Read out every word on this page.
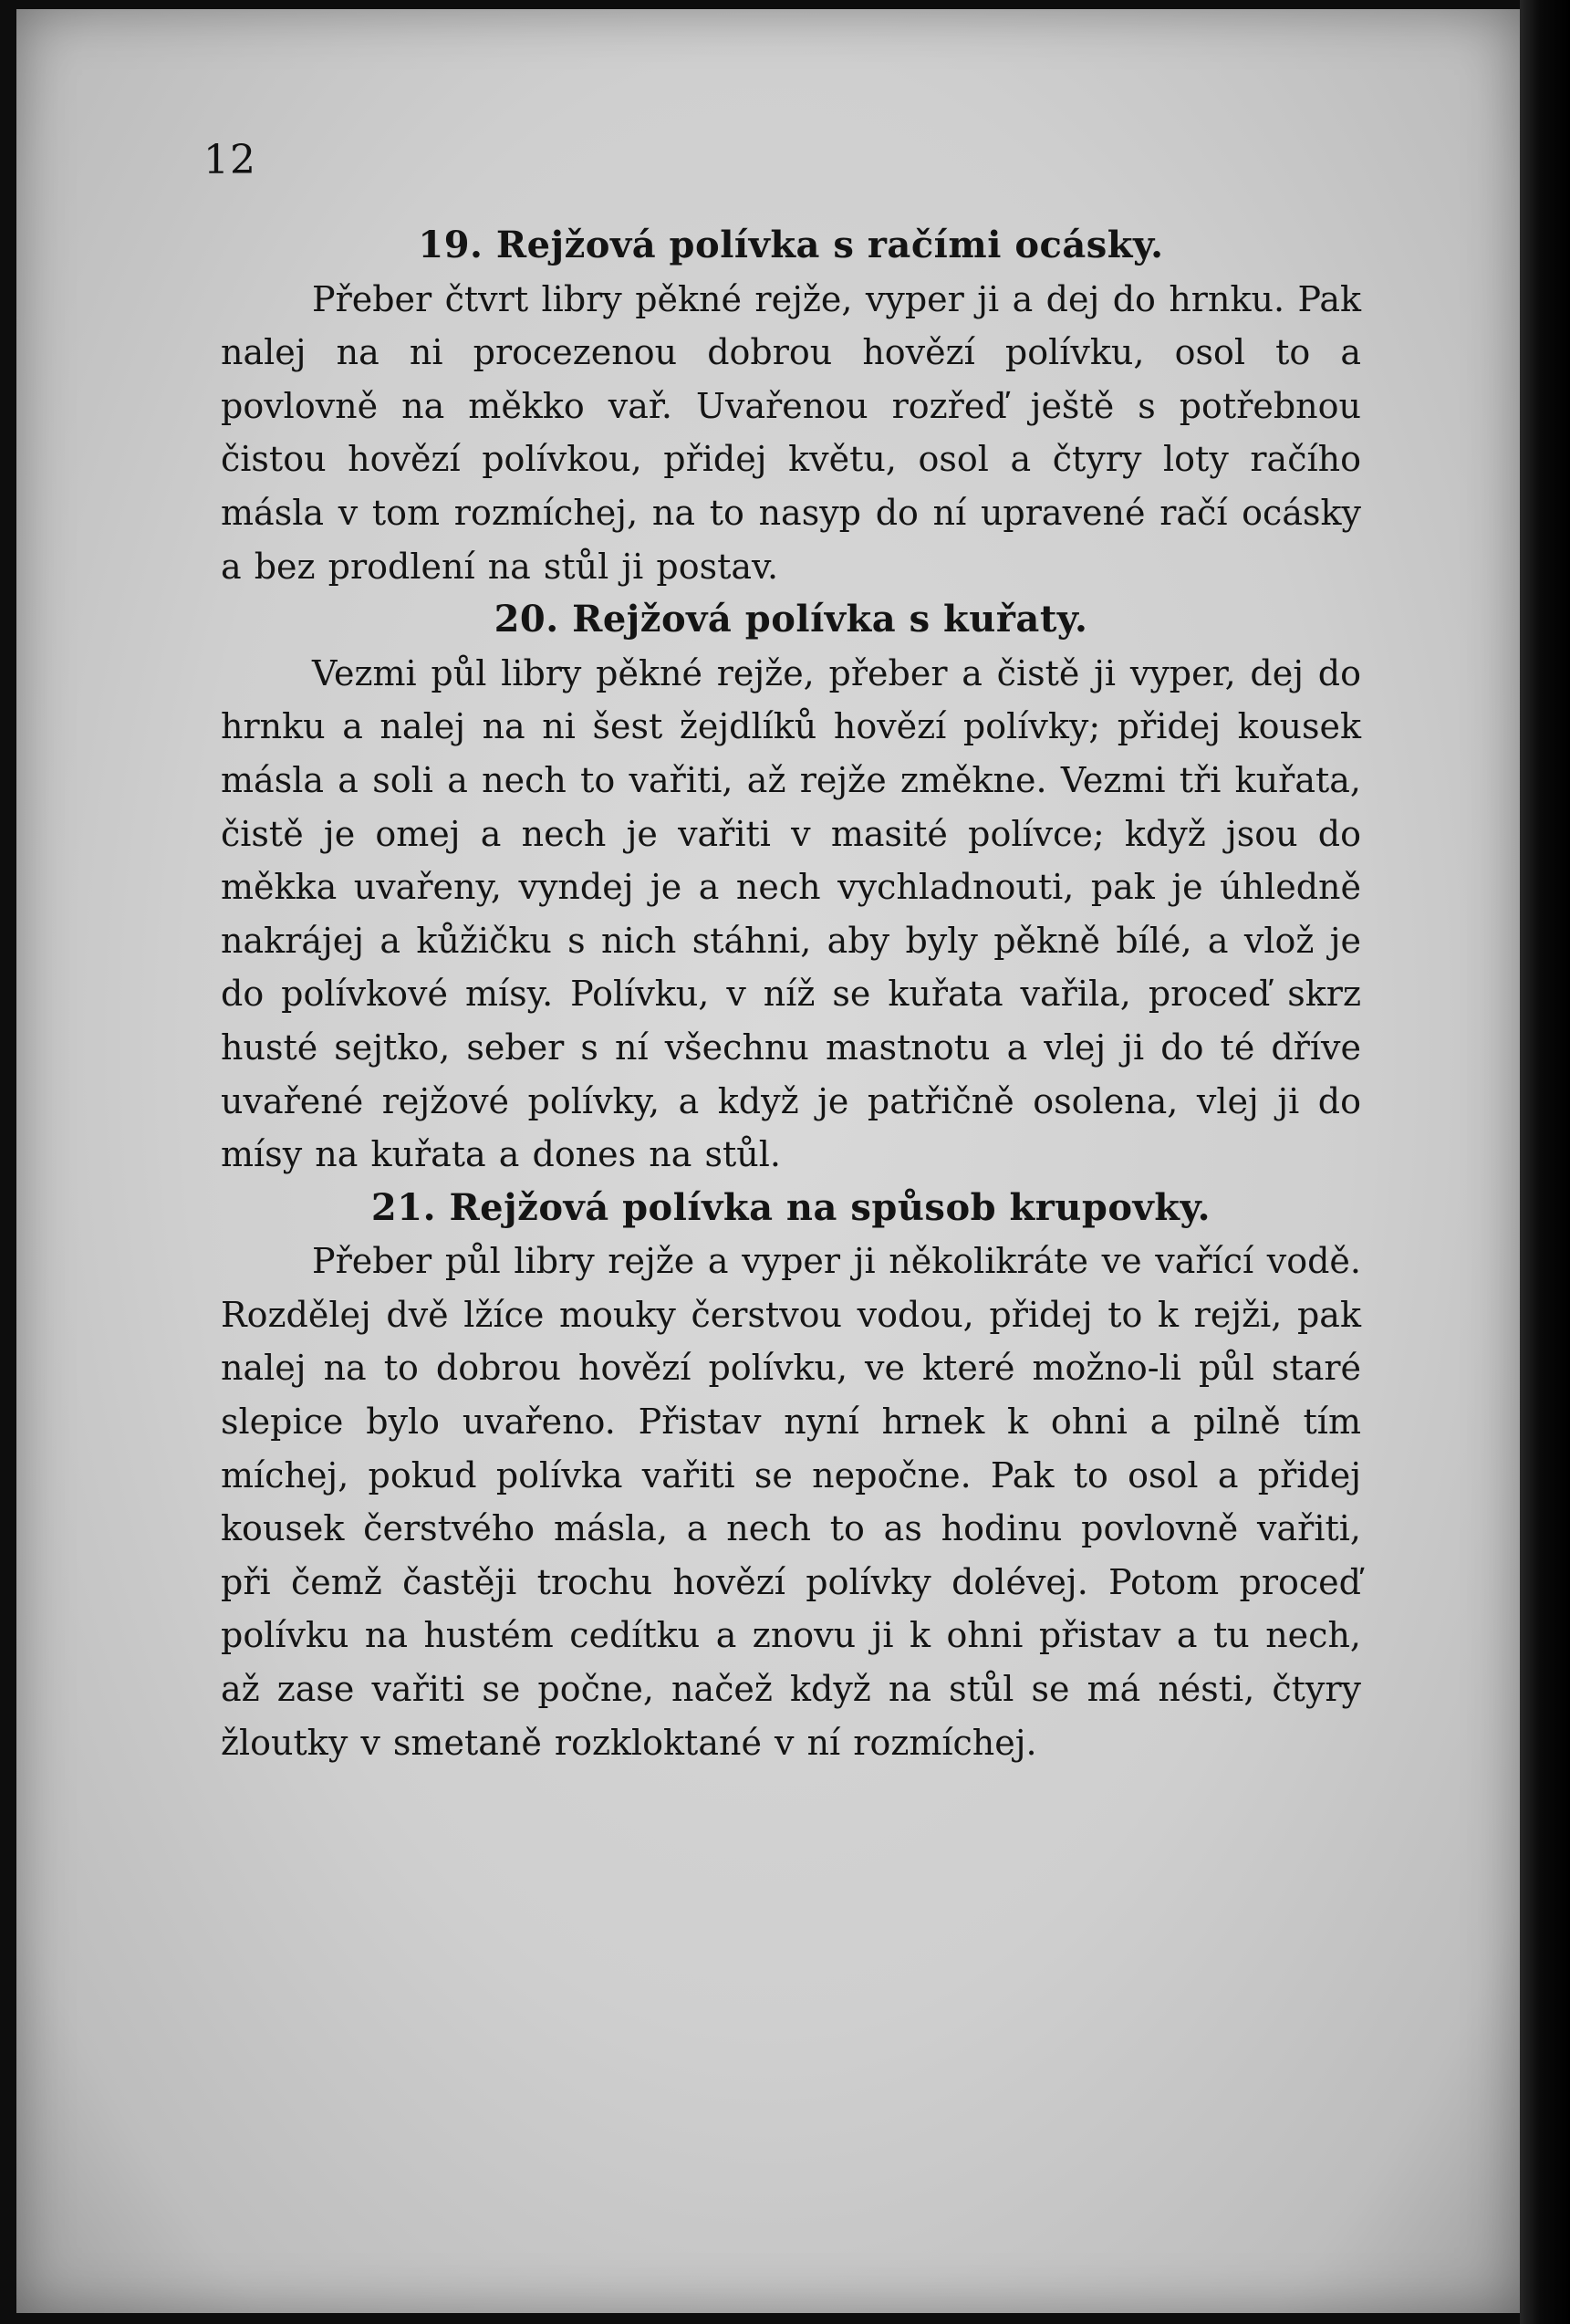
12

19. Rejžová polívka s račími ocásky.

Přeber čtvrt libry pěkné rejže, vyper ji a dej do hrnku. Pak nalej na ni procezenou dobrou hovězí polívku, osol to a povlovně na měkko vař. Uvařenou rozřeď ještě s potřebnou čistou hovězí polívkou, přidej květu, osol a čtyry loty račího másla v tom rozmíchej, na to nasyp do ní upravené račí ocásky a bez prodlení na stůl ji postav.

20. Rejžová polívka s kuřaty.

Vezmi půl libry pěkné rejže, přeber a čistě ji vyper, dej do hrnku a nalej na ni šest žejdlíků hovězí polívky; přidej kousek másla a soli a nech to vařiti, až rejže změkne. Vezmi tři kuřata, čistě je omej a nech je vařiti v masité polívce; když jsou do měkka uvařeny, vyndej je a nech vychladnouti, pak je úhledně nakrájej a kůžičku s nich stáhni, aby byly pěkně bílé, a vlož je do polívkové mísy. Polívku, v níž se kuřata vařila, proceď skrz husté sejtko, seber s ní všechnu mastnotu a vlej ji do té dříve uvařené rejžové polívky, a když je patřičně osolena, vlej ji do mísy na kuřata a dones na stůl.

21. Rejžová polívka na spůsob krupovky.

Přeber půl libry rejže a vyper ji několikráte ve vařící vodě. Rozdělej dvě lžíce mouky čerstvou vodou, přidej to k rejži, pak nalej na to dobrou hovězí polívku, ve které možno-li půl staré slepice bylo uvařeno. Přistav nyní hrnek k ohni a pilně tím míchej, pokud polívka vařiti se nepočne. Pak to osol a přidej kousek čerstvého másla, a nech to as hodinu povlovně vařiti, při čemž častěji trochu hovězí polívky dolévej. Potom proceď polívku na hustém cedítku a znovu ji k ohni přistav a tu nech, až zase vařiti se počne, načež když na stůl se má nésti, čtyry žloutky v smetaně rozkloktané v ní rozmíchej.
